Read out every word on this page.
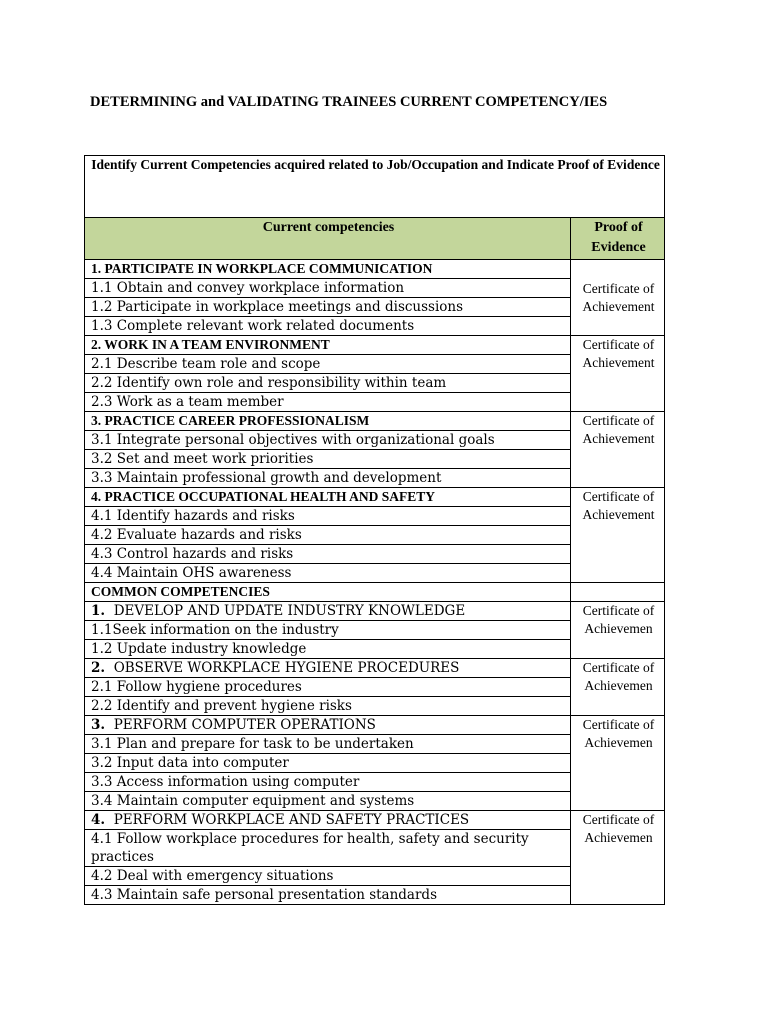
DETERMINING and VALIDATING TRAINEES CURRENT COMPETENCY/IES
Identify Current Competencies acquired related to Job/Occupation and Indicate Proof of Evidence	
Current competencies	Proof of Evidence
1. PARTICIPATE IN WORKPLACE COMMUNICATION	Certificate of Achievement
1.1 Obtain and convey workplace information	
1.2 Participate in workplace meetings and discussions	
1.3 Complete relevant work related documents	
2. WORK IN A TEAM ENVIRONMENT	Certificate of Achievement
2.1 Describe team role and scope	
2.2 Identify own role and responsibility within team	
2.3 Work as a team member	
3. PRACTICE CAREER PROFESSIONALISM	Certificate of Achievement
3.1 Integrate personal objectives with organizational goals	
3.2 Set and meet work priorities	
3.3 Maintain professional growth and development	
4. PRACTICE OCCUPATIONAL HEALTH AND SAFETY	Certificate of Achievement
4.1 Identify hazards and risks	
4.2 Evaluate hazards and risks	
4.3 Control hazards and risks	
4.4 Maintain OHS awareness	
COMMON COMPETENCIES	
1. DEVELOP AND UPDATE INDUSTRY KNOWLEDGE	Certificate of Achievemen
1.1Seek information on the industry	
1.2 Update industry knowledge	
2. OBSERVE WORKPLACE HYGIENE PROCEDURES	Certificate of Achievemen
2.1 Follow hygiene procedures	
2.2 Identify and prevent hygiene risks	
3. PERFORM COMPUTER OPERATIONS	Certificate of Achievemen
3.1 Plan and prepare for task to be undertaken	
3.2 Input data into computer	
3.3 Access information using computer	
3.4 Maintain computer equipment and systems	
4. PERFORM WORKPLACE AND SAFETY PRACTICES	Certificate of Achievemen
4.1 Follow workplace procedures for health, safety and security practices	
4.2 Deal with emergency situations	
4.3 Maintain safe personal presentation standards	
